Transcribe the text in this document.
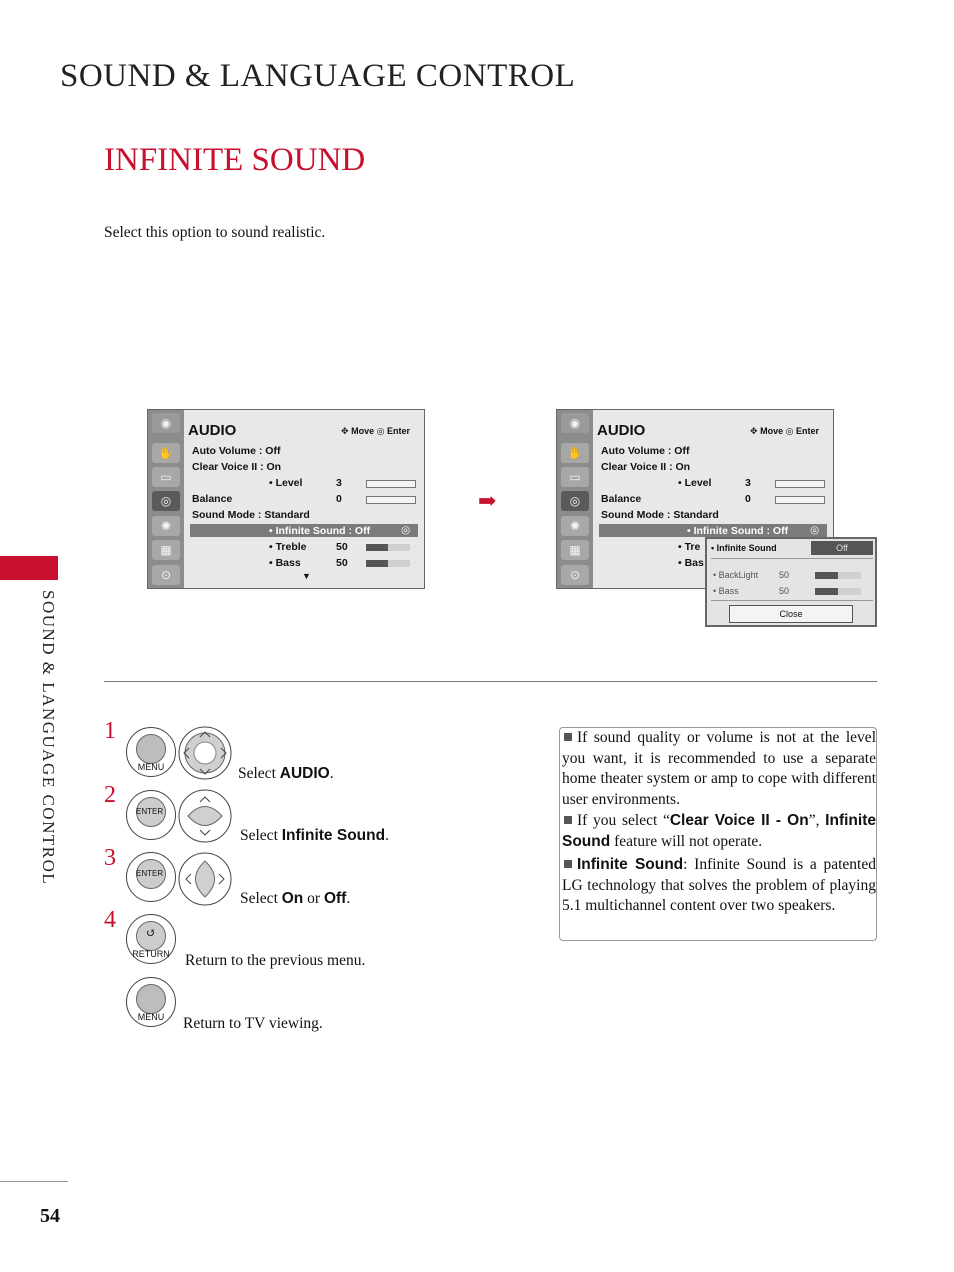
SOUND & LANGUAGE CONTROL
INFINITE SOUND
Select this option to sound realistic.
SOUND & LANGUAGE CONTROL
54
◉
✋
▭
◎
✺
▦
⊙
AUDIO	✥ Move ◎ Enter
Auto Volume : Off
Clear Voice II : On
• Level	3
Balance	0
Sound Mode : Standard
• Infinite Sound : Off	◎
• Treble	50
• Bass	50
▼
➡
◉
✋
▭
◎
✺
▦
⊙
AUDIO	✥ Move ◎ Enter
Auto Volume : Off
Clear Voice II : On
• Level	3
Balance	0
Sound Mode : Standard
• Infinite Sound : Off ◎
• Tre
• Bas
• Infinite Sound	Off
• BackLight 50
• Bass	50
Close
1
MENU	Select AUDIO.
2
ENTER
Select Infinite Sound.
3
ENTER
Select On or Off.
4	↺
RETURN Return to the previous menu.
MENU	Return to TV viewing.
If sound quality or volume is not at the level you want, it is recommended to use a separate home theater system or amp to cope with different user environments.
If you select “Clear Voice II - On”, Infinite Sound feature will not operate.
Infinite Sound: Infinite Sound is a patented LG technology that solves the problem of playing 5.1 multichannel content over two speakers.
